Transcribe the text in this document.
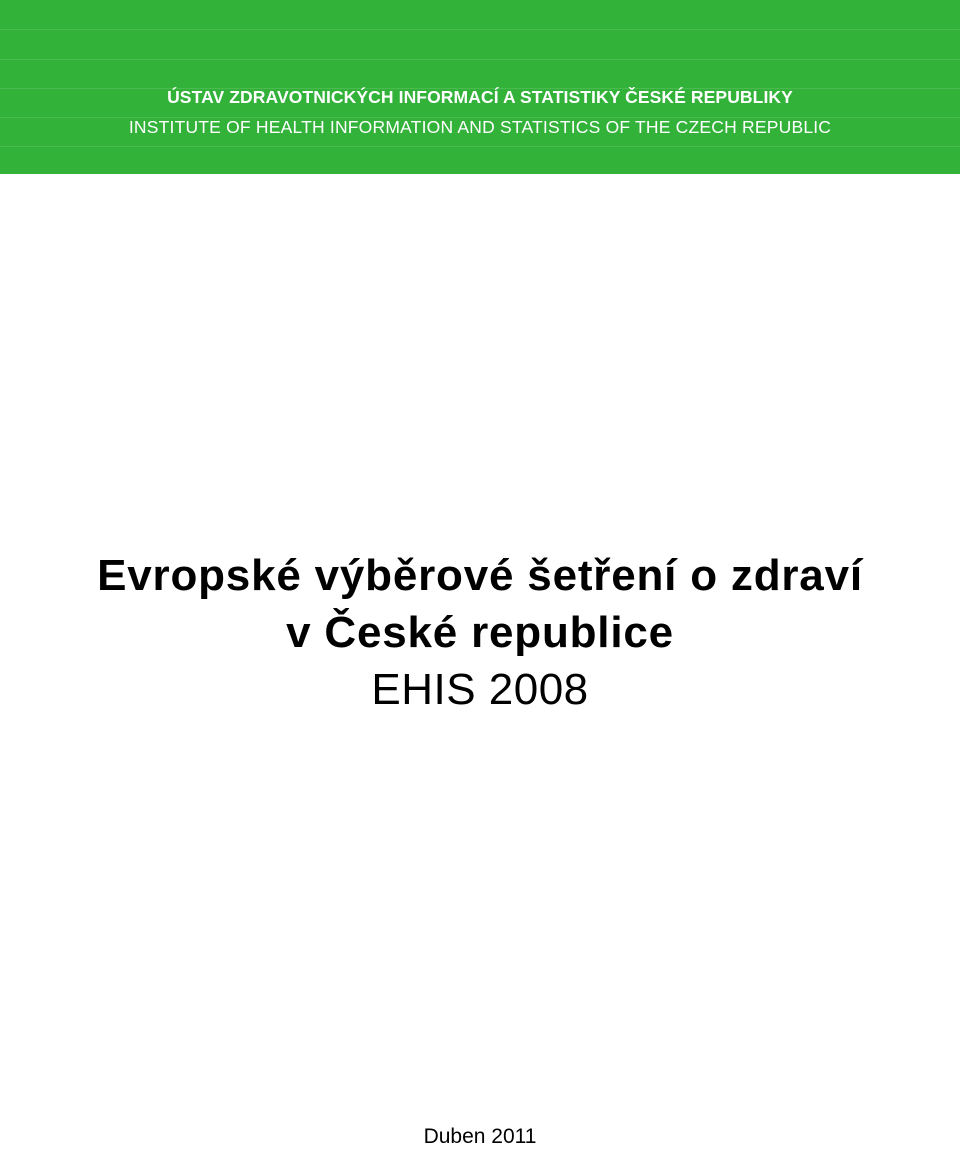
ÚSTAV ZDRAVOTNICKÝCH INFORMACÍ A STATISTIKY ČESKÉ REPUBLIKY
INSTITUTE OF HEALTH INFORMATION AND STATISTICS OF THE CZECH REPUBLIC
Evropské výběrové šetření o zdraví
v České republice
EHIS 2008
Duben 2011
